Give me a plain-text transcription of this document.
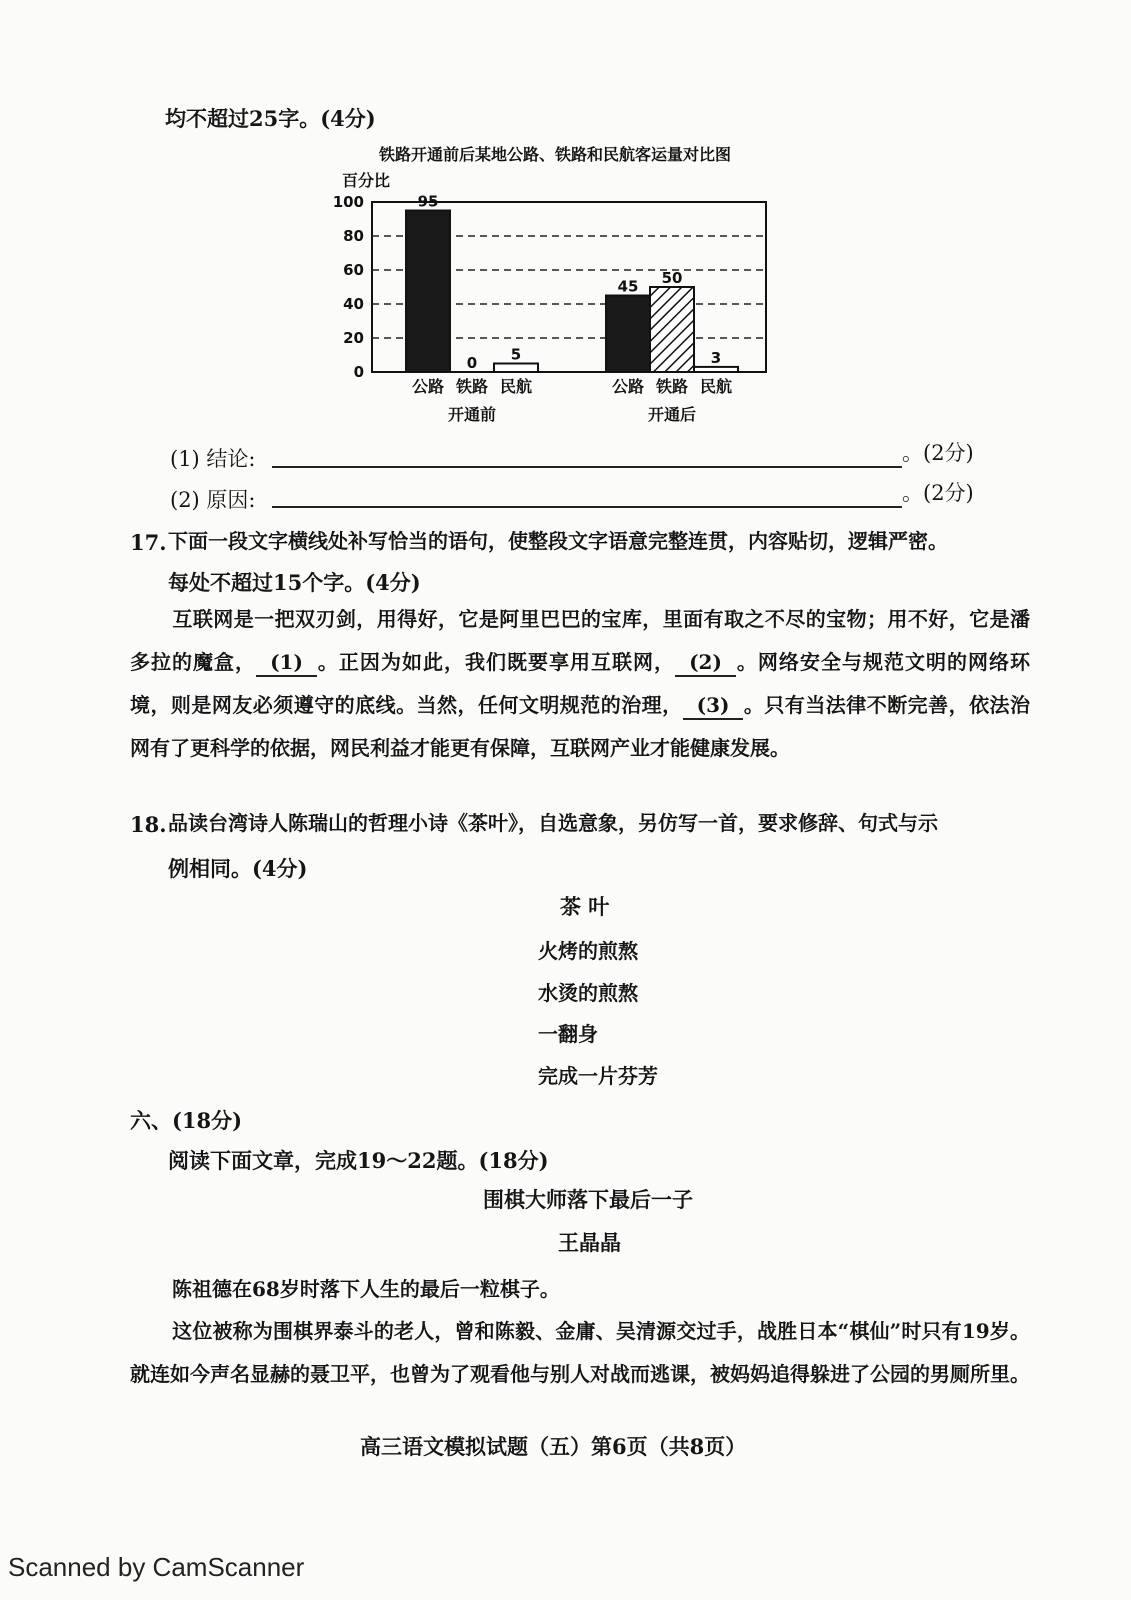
均不超过25字。(4分)
铁路开通前后某地公路、铁路和民航客运量对比图
百分比
0
20
40
60
80
100	95
公路
0
铁路
5
民航
开通前
45
公路
50
铁路
3
民航
开通后
(1) 结论:	。(2分)
(2) 原因:	。(2分)
17. 下面一段文字横线处补写恰当的语句，使整段文字语意完整连贯，内容贴切，逻辑严密。
每处不超过15个字。(4分)
互联网是一把双刃剑，用得好，它是阿里巴巴的宝库，里面有取之不尽的宝物；用不好，它是潘多拉的魔盒， (1) 。正因为如此，我们既要享用互联网， (2) 。网络安全与规范文明的网络环境，则是网友必须遵守的底线。当然，任何文明规范的治理， (3) 。只有当法律不断完善，依法治网有了更科学的依据，网民利益才能更有保障，互联网产业才能健康发展。
18. 品读台湾诗人陈瑞山的哲理小诗《茶叶》，自选意象，另仿写一首，要求修辞、句式与示
例相同。(4分)
茶 叶
火烤的煎熬
水烫的煎熬
一翻身
完成一片芬芳
六、(18分)
阅读下面文章，完成19～22题。(18分)
围棋大师落下最后一子
王晶晶
陈祖德在68岁时落下人生的最后一粒棋子。
这位被称为围棋界泰斗的老人，曾和陈毅、金庸、吴清源交过手，战胜日本“棋仙”时只有19岁。就连如今声名显赫的聂卫平，也曾为了观看他与别人对战而逃课，被妈妈追得躲进了公园的男厕所里。
高三语文模拟试题（五）第6页（共8页）
Scanned by CamScanner
